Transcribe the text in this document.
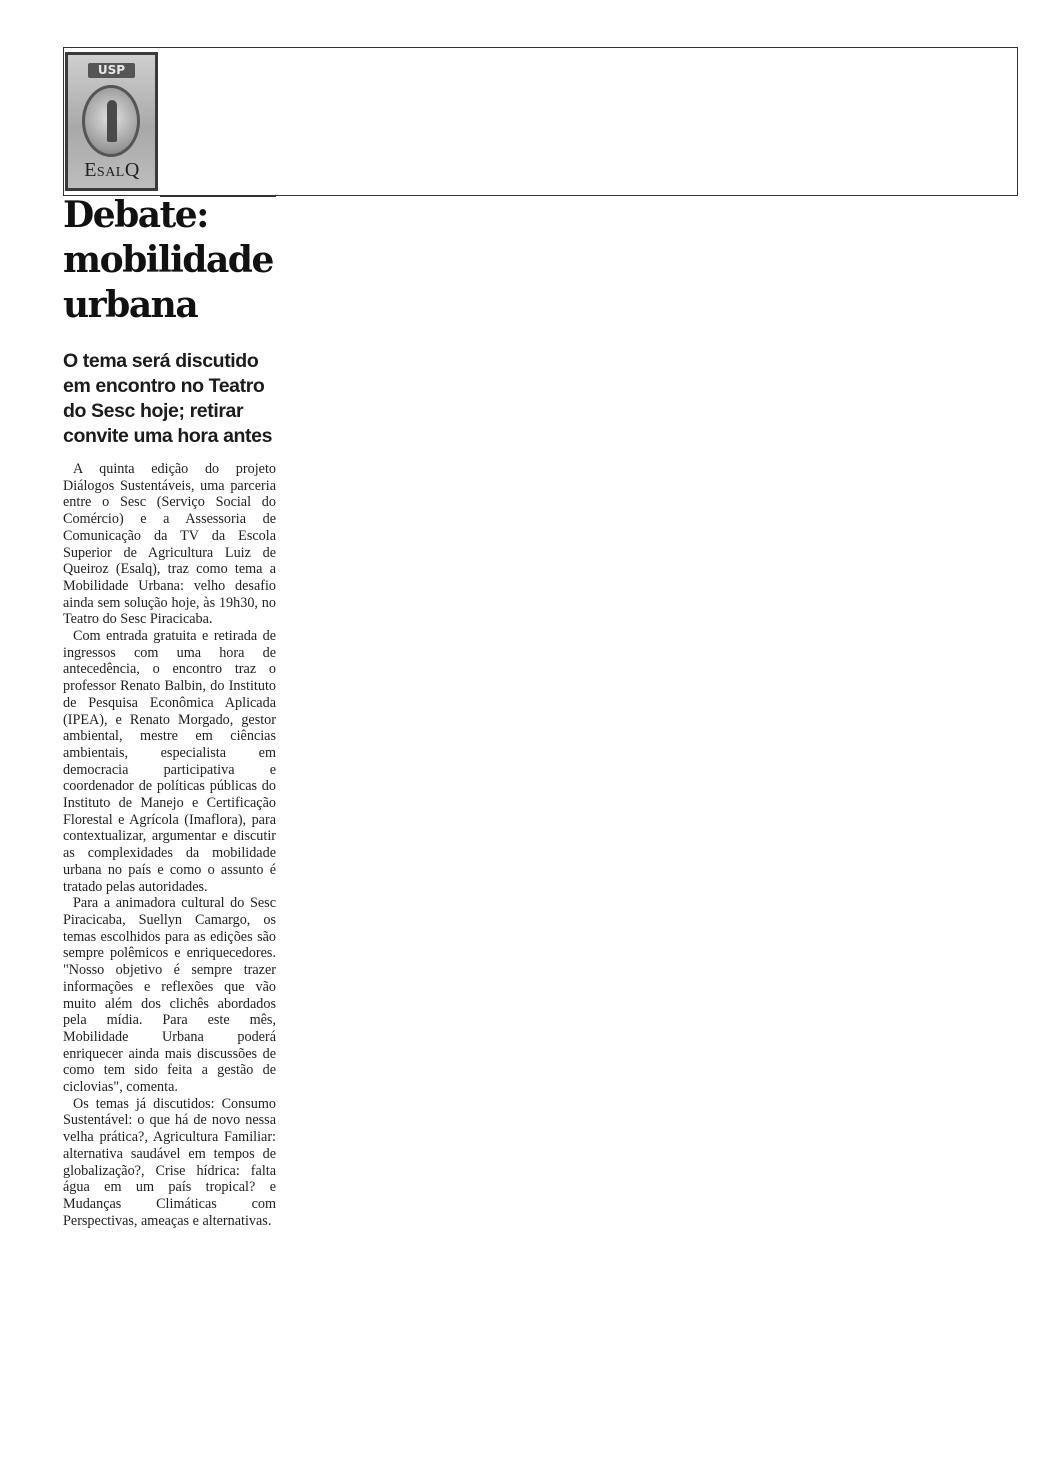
USP
EsalQ
Debate: mobilidade urbana
O tema será discutido em encontro no Teatro do Sesc hoje; retirar convite uma hora antes

A quinta edição do projeto Diálogos Sustentáveis, uma parceria entre o Sesc (Serviço Social do Comércio) e a Assessoria de Comunicação da TV da Escola Superior de Agricultura Luiz de Queiroz (Esalq), traz como tema a Mobilidade Urbana: velho desafio ainda sem solução hoje, às 19h30, no Teatro do Sesc Piracicaba.

Com entrada gratuita e retirada de ingressos com uma hora de antecedência, o encontro traz o professor Renato Balbin, do Instituto de Pesquisa Econômica Aplicada (IPEA), e Renato Morgado, gestor ambiental, mestre em ciências ambientais, especialista em democracia participativa e coordenador de políticas públicas do Instituto de Manejo e Certificação Florestal e Agrícola (Imaflora), para contextualizar, argumentar e discutir as complexidades da mobilidade urbana no país e como o assunto é tratado pelas autoridades.

Para a animadora cultural do Sesc Piracicaba, Suellyn Camargo, os temas escolhidos para as edições são sempre polêmicos e enriquecedores. "Nosso objetivo é sempre trazer informações e reflexões que vão muito além dos clichês abordados pela mídia. Para este mês, Mobilidade Urbana poderá enriquecer ainda mais discussões de como tem sido feita a gestão de ciclovias", comenta.

Os temas já discutidos: Consumo Sustentável: o que há de novo nessa velha prática?, Agricultura Familiar: alternativa saudável em tempos de globalização?, Crise hídrica: falta água em um país tropical? e Mudanças Climáticas com Perspectivas, ameaças e alternativas.
